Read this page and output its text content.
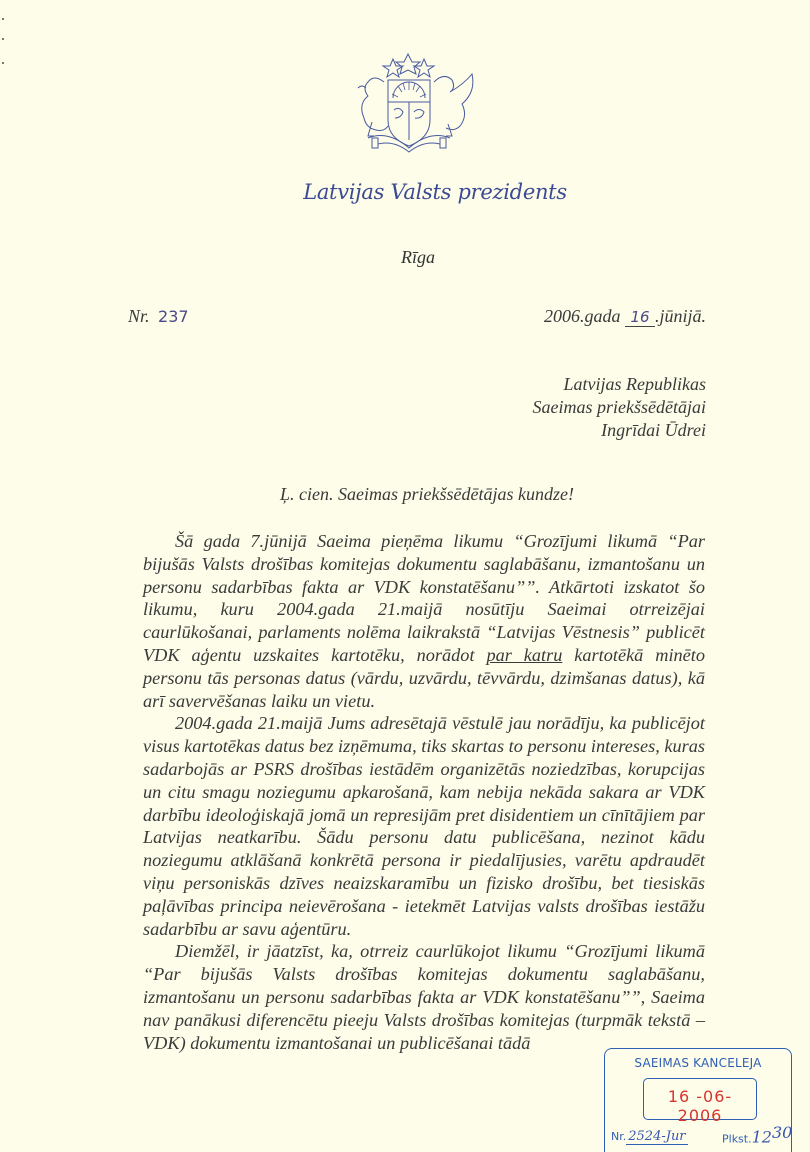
Latvijas Valsts prezidents
Rīga
Nr. 237	2006.gada 16 .jūnijā.
Latvijas Republikas
Saeimas priekšsēdētājai
Ingrīdai Ūdrei
Ļ. cien. Saeimas priekšsēdētājas kundze!

Šā gada 7.jūnijā Saeima pieņēma likumu “Grozījumi likumā “Par bijušās Valsts drošības komitejas dokumentu saglabāšanu, izmantošanu un personu sadarbības fakta ar VDK konstatēšanu””. Atkārtoti izskatot šo likumu, kuru 2004.gada 21.maijā nosūtīju Saeimai otrreizējai caurlūkošanai, parlaments nolēma laikrakstā “Latvijas Vēstnesis” publicēt VDK aģentu uzskaites kartotēku, norādot par katru kartotēkā minēto personu tās personas datus (vārdu, uzvārdu, tēvvārdu, dzimšanas datus), kā arī savervēšanas laiku un vietu.

2004.gada 21.maijā Jums adresētajā vēstulē jau norādīju, ka publicējot visus kartotēkas datus bez izņēmuma, tiks skartas to personu intereses, kuras sadarbojās ar PSRS drošības iestādēm organizētās noziedzības, korupcijas un citu smagu noziegumu apkarošanā, kam nebija nekāda sakara ar VDK darbību ideoloģiskajā jomā un represijām pret disidentiem un cīnītājiem par Latvijas neatkarību. Šādu personu datu publicēšana, nezinot kādu noziegumu atklāšanā konkrētā persona ir piedalījusies, varētu apdraudēt viņu personiskās dzīves neaizskaramību un fizisko drošību, bet tiesiskās paļāvības principa neievērošana - ietekmēt Latvijas valsts drošības iestāžu sadarbību ar savu aģentūru.

Diemžēl, ir jāatzīst, ka, otrreiz caurlūkojot likumu “Grozījumi likumā “Par bijušās Valsts drošības komitejas dokumentu saglabāšanu, izmantošanu un personu sadarbības fakta ar VDK konstatēšanu””, Saeima nav panākusi diferencētu pieeju Valsts drošības komitejas (turpmāk tekstā – VDK) dokumentu izmantošanai un publicēšanai tādā

SAEIMAS KANCELEJA
16 -06- 2006
Nr. 2524-Jur	$Plkst.12^{30}$
